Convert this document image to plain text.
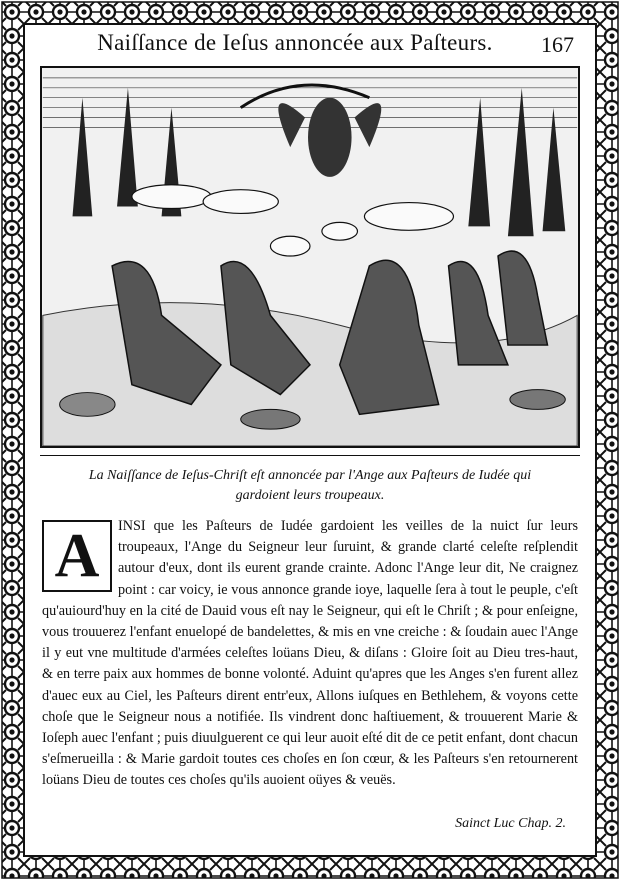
Naiſſance de Ieſus annoncée aux Paſteurs.	167
La Naiſſance de Ieſus-Chriſt eſt annoncée par l'Ange aux Paſteurs de Iudée qui gardoient leurs troupeaux.
A	INSI que les Paſteurs de Iudée gardoient les veilles de la nuict ſur leurs troupeaux, l'Ange du Seigneur leur ſuruint, & grande clarté celeſte reſplendit autour d'eux, dont ils eurent grande crainte. Adonc l'Ange leur dit, Ne craignez point : car voicy, ie vous annonce grande ioye, laquelle ſera à tout le peuple, c'eſt qu'auiourd'huy en la cité de Dauid vous eſt nay le Seigneur, qui eſt le Chriſt ; & pour enſeigne, vous trouuerez l'enfant enuelopé de bandelettes, & mis en vne creiche : & ſoudain auec l'Ange il y eut vne multitude d'armées celeſtes loüans Dieu, & diſans : Gloire ſoit au Dieu tres-haut, & en terre paix aux hommes de bonne volonté. Aduint qu'apres que les Anges s'en furent allez d'auec eux au Ciel, les Paſteurs dirent entr'eux, Allons iuſques en Bethlehem, & voyons cette choſe que le Seigneur nous a notifiée. Ils vindrent donc haſtiuement, & trouuerent Marie & Ioſeph auec l'enfant ; puis diuulguerent ce qui leur auoit eſté dit de ce petit enfant, dont chacun s'eſmerueilla : & Marie gardoit toutes ces choſes en ſon cœur, & les Paſteurs s'en retournerent loüans Dieu de toutes ces choſes qu'ils auoient oüyes & veuës.
Sainct Luc Chap. 2.
